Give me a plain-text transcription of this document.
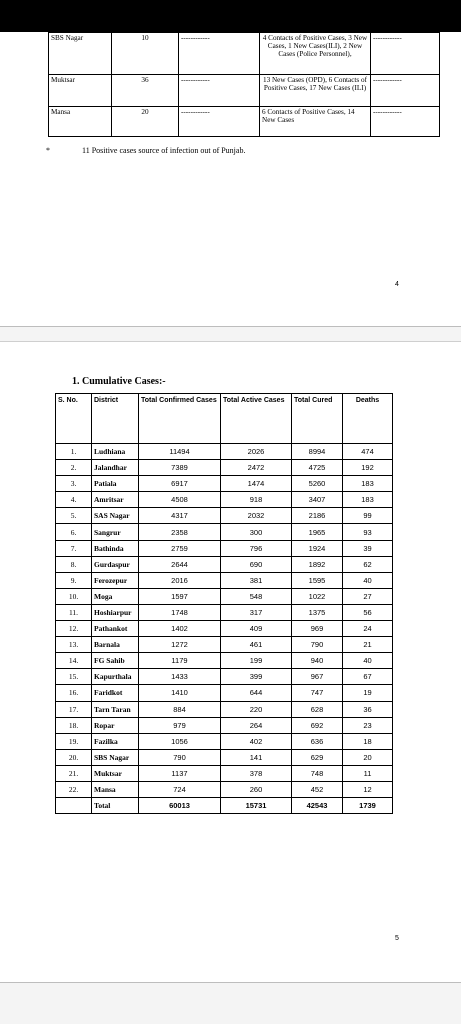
SBS Nagar	10	------------	4 Contacts of Positive Cases, 3 New Cases, 1 New Cases(ILI), 2 New Cases (Police Personnel),	------------
Muktsar	36	------------	13 New Cases (OPD), 6 Contacts of Positive Cases, 17 New Cases (ILI)	------------
Mansa	20	------------	6 Contacts of Positive Cases, 14 New Cases	------------
*	11 Positive cases source of infection out of Punjab.
4
1. Cumulative Cases:-
S. No.	District	Total Confirmed Cases	Total Active Cases	Total Cured	Deaths
1.	Ludhiana	11494	2026	8994	474
2.	Jalandhar	7389	2472	4725	192
3.	Patiala	6917	1474	5260	183
4.	Amritsar	4508	918	3407	183
5.	SAS Nagar	4317	2032	2186	99
6.	Sangrur	2358	300	1965	93
7.	Bathinda	2759	796	1924	39
8.	Gurdaspur	2644	690	1892	62
9.	Ferozepur	2016	381	1595	40
10.	Moga	1597	548	1022	27
11.	Hoshiarpur	1748	317	1375	56
12.	Pathankot	1402	409	969	24
13.	Barnala	1272	461	790	21
14.	FG Sahib	1179	199	940	40
15.	Kapurthala	1433	399	967	67
16.	Faridkot	1410	644	747	19
17.	Tarn Taran	884	220	628	36
18.	Ropar	979	264	692	23
19.	Fazilka	1056	402	636	18
20.	SBS Nagar	790	141	629	20
21.	Muktsar	1137	378	748	11
22.	Mansa	724	260	452	12
	Total	60013	15731	42543	1739
5
